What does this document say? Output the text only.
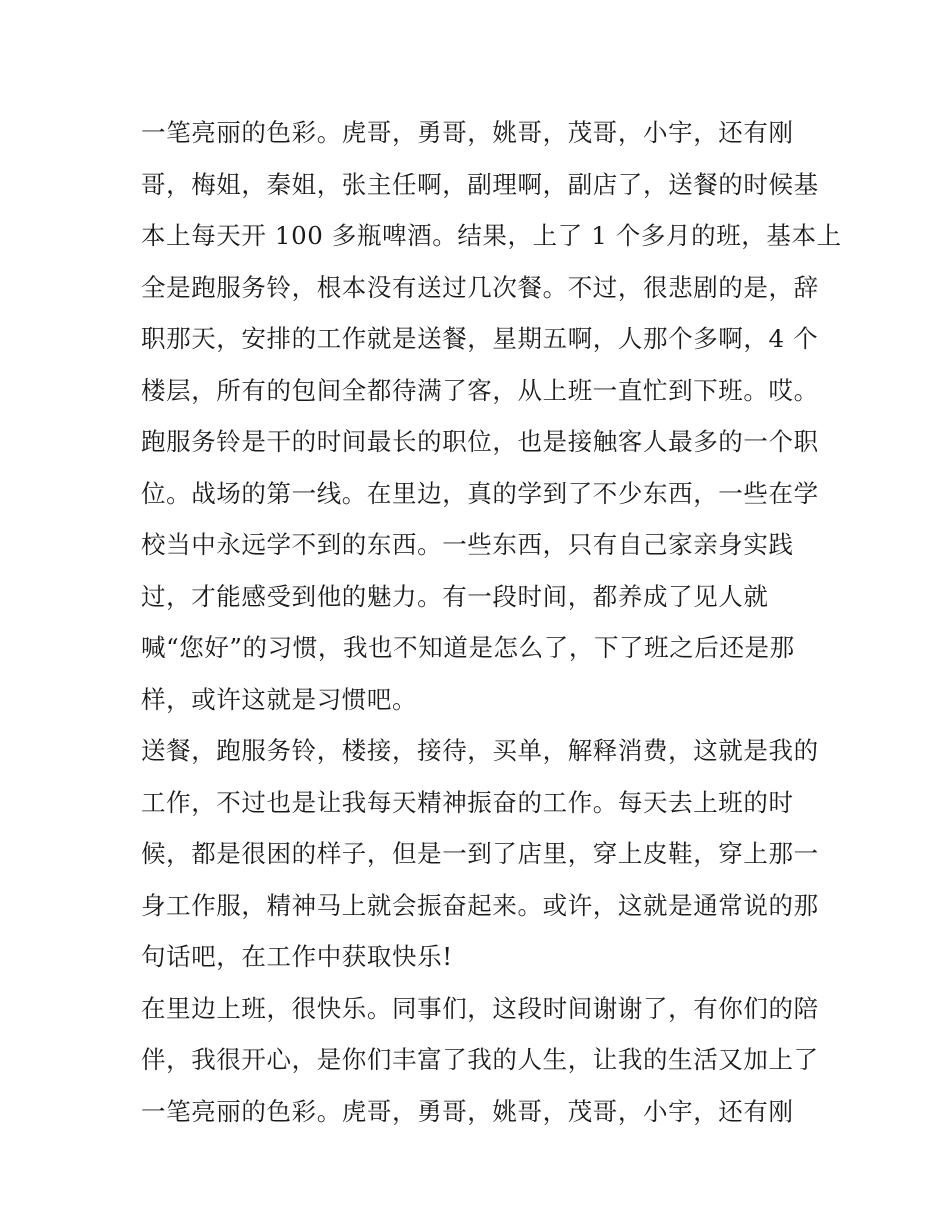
一笔亮丽的色彩。虎哥，勇哥，姚哥，茂哥，小宇，还有刚
哥，梅姐，秦姐，张主任啊，副理啊，副店了，送餐的时候基
本上每天开 100 多瓶啤酒。结果，上了 1 个多月的班，基本上
全是跑服务铃，根本没有送过几次餐。不过，很悲剧的是，辞
职那天，安排的工作就是送餐，星期五啊，人那个多啊，4 个
楼层，所有的包间全都待满了客，从上班一直忙到下班。哎。
跑服务铃是干的时间最长的职位，也是接触客人最多的一个职
位。战场的第一线。在里边，真的学到了不少东西，一些在学
校当中永远学不到的东西。一些东西，只有自己家亲身实践
过，才能感受到他的魅力。有一段时间，都养成了见人就
喊“您好”的习惯，我也不知道是怎么了，下了班之后还是那
样，或许这就是习惯吧。
送餐，跑服务铃，楼接，接待，买单，解释消费，这就是我的
工作，不过也是让我每天精神振奋的工作。每天去上班的时
候，都是很困的样子，但是一到了店里，穿上皮鞋，穿上那一
身工作服，精神马上就会振奋起来。或许，这就是通常说的那
句话吧，在工作中获取快乐!
在里边上班，很快乐。同事们，这段时间谢谢了，有你们的陪
伴，我很开心，是你们丰富了我的人生，让我的生活又加上了
一笔亮丽的色彩。虎哥，勇哥，姚哥，茂哥，小宇，还有刚
